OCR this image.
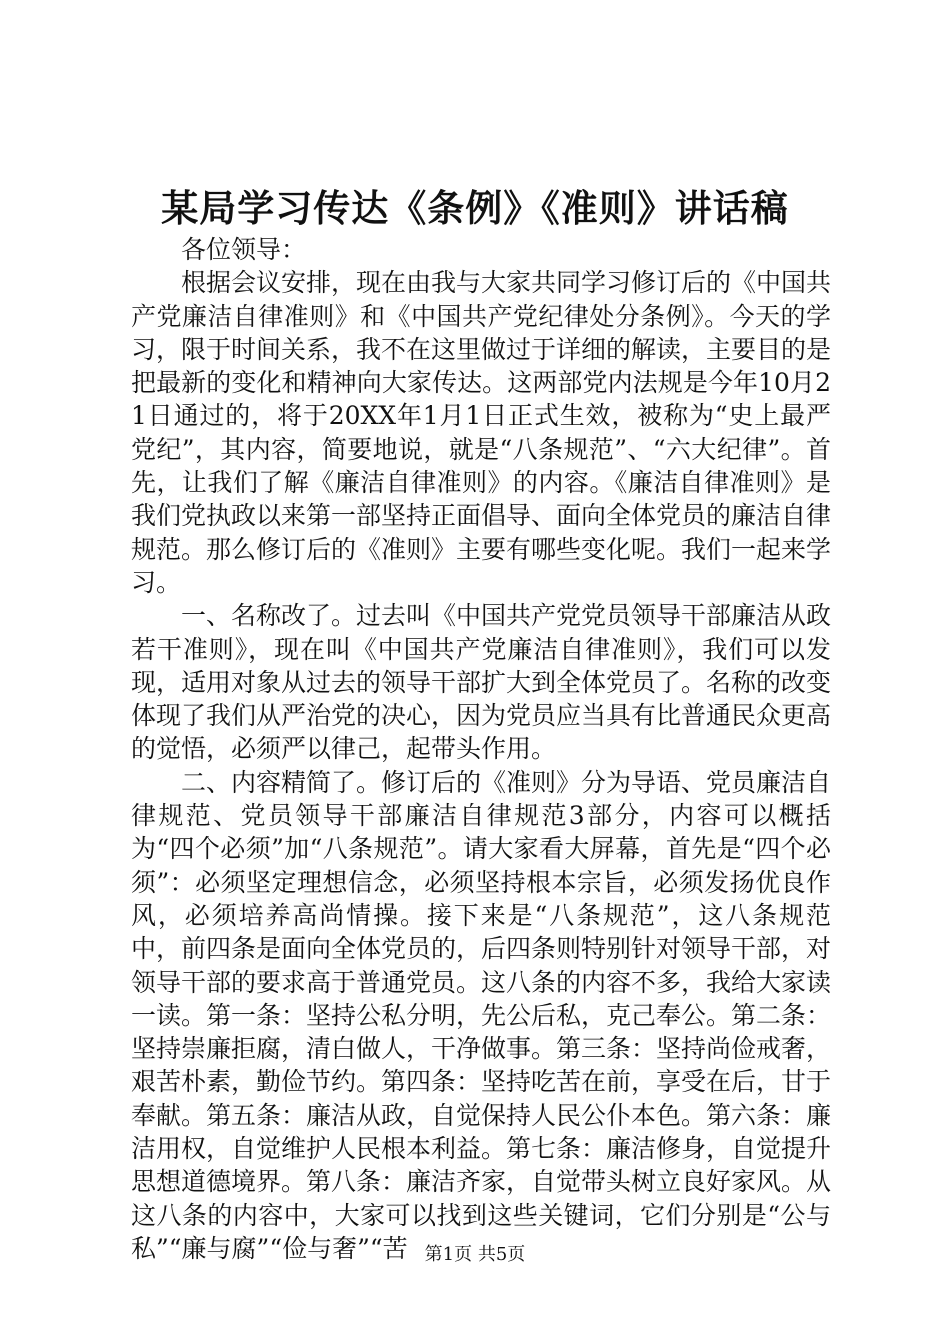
某局学习传达《条例》《准则》讲话稿

各位领导：

根据会议安排，现在由我与大家共同学习修订后的《中国共产党廉洁自律准则》和《中国共产党纪律处分条例》。今天的学习，限于时间关系，我不在这里做过于详细的解读，主要目的是把最新的变化和精神向大家传达。这两部党内法规是今年10月21日通过的，将于20XX年1月1日正式生效，被称为“史上最严党纪”，其内容，简要地说，就是“八条规范”、“六大纪律”。首先，让我们了解《廉洁自律准则》的内容。《廉洁自律准则》是我们党执政以来第一部坚持正面倡导、面向全体党员的廉洁自律规范。那么修订后的《准则》主要有哪些变化呢。我们一起来学习。

一、名称改了。过去叫《中国共产党党员领导干部廉洁从政若干准则》，现在叫《中国共产党廉洁自律准则》，我们可以发现，适用对象从过去的领导干部扩大到全体党员了。名称的改变体现了我们从严治党的决心，因为党员应当具有比普通民众更高的觉悟，必须严以律己，起带头作用。

二、内容精简了。修订后的《准则》分为导语、党员廉洁自律规范、党员领导干部廉洁自律规范3部分，内容可以概括为“四个必须”加“八条规范”。请大家看大屏幕，首先是“四个必须”：必须坚定理想信念，必须坚持根本宗旨，必须发扬优良作风，必须培养高尚情操。接下来是“八条规范”，这八条规范中，前四条是面向全体党员的，后四条则特别针对领导干部，对领导干部的要求高于普通党员。这八条的内容不多，我给大家读一读。第一条：坚持公私分明，先公后私，克己奉公。第二条：坚持崇廉拒腐，清白做人，干净做事。第三条：坚持尚俭戒奢，艰苦朴素，勤俭节约。第四条：坚持吃苦在前，享受在后，甘于奉献。第五条：廉洁从政，自觉保持人民公仆本色。第六条：廉洁用权，自觉维护人民根本利益。第七条：廉洁修身，自觉提升思想道德境界。第八条：廉洁齐家，自觉带头树立良好家风。从这八条的内容中，大家可以找到这些关键词，它们分别是“公与私”“廉与腐”“俭与奢”“苦 第1页 共5页
